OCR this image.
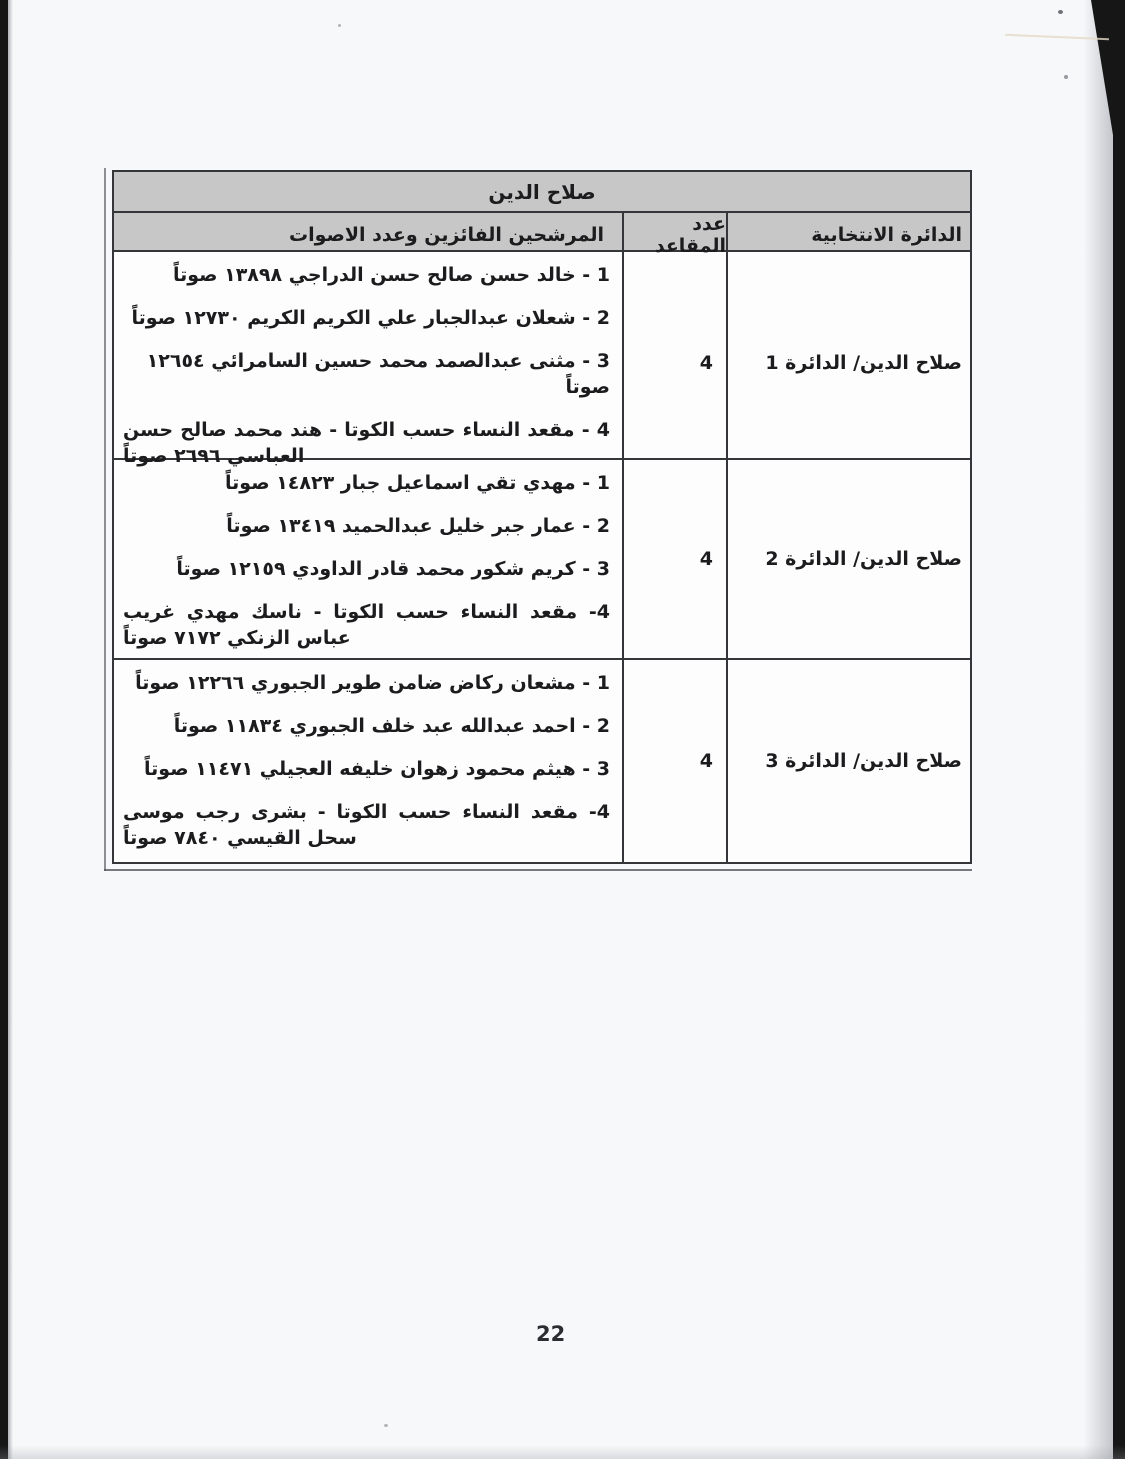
صلاح الدين
الدائرة الانتخابية
عدد المقاعد
المرشحين الفائزين وعدد الاصوات
صلاح الدين/ الدائرة 1
4

1 - خالد حسن صالح حسن الدراجي ١٣٨٩٨ صوتاً

2 - شعلان عبدالجبار علي الكريم الكريم ١٢٧٣٠ صوتاً

3 - مثنى عبدالصمد محمد حسين السامرائي ١٢٦٥٤ صوتاً

4 - مقعد النساء حسب الكوتا - هند محمد صالح حسن العباسي ٢٦٩٦ صوتاً

صلاح الدين/ الدائرة 2
4

1 - مهدي تقي اسماعيل جبار ١٤٨٢٣ صوتاً

2 - عمار جبر خليل عبدالحميد ١٣٤١٩ صوتاً

3 - كريم شكور محمد قادر الداودي ١٢١٥٩ صوتاً

4- مقعد النساء حسب الكوتا - ناسك مهدي غريب عباس الزنكي ٧١٧٢ صوتاً

صلاح الدين/ الدائرة 3
4

1 - مشعان ركاض ضامن طوير الجبوري ١٢٢٦٦ صوتاً

2 - احمد عبدالله عبد خلف الجبوري ١١٨٣٤ صوتاً

3 - هيثم محمود زهوان خليفه العجيلي ١١٤٧١ صوتاً

4- مقعد النساء حسب الكوتا - بشرى رجب موسى سحل القيسي ٧٨٤٠ صوتاً

22
